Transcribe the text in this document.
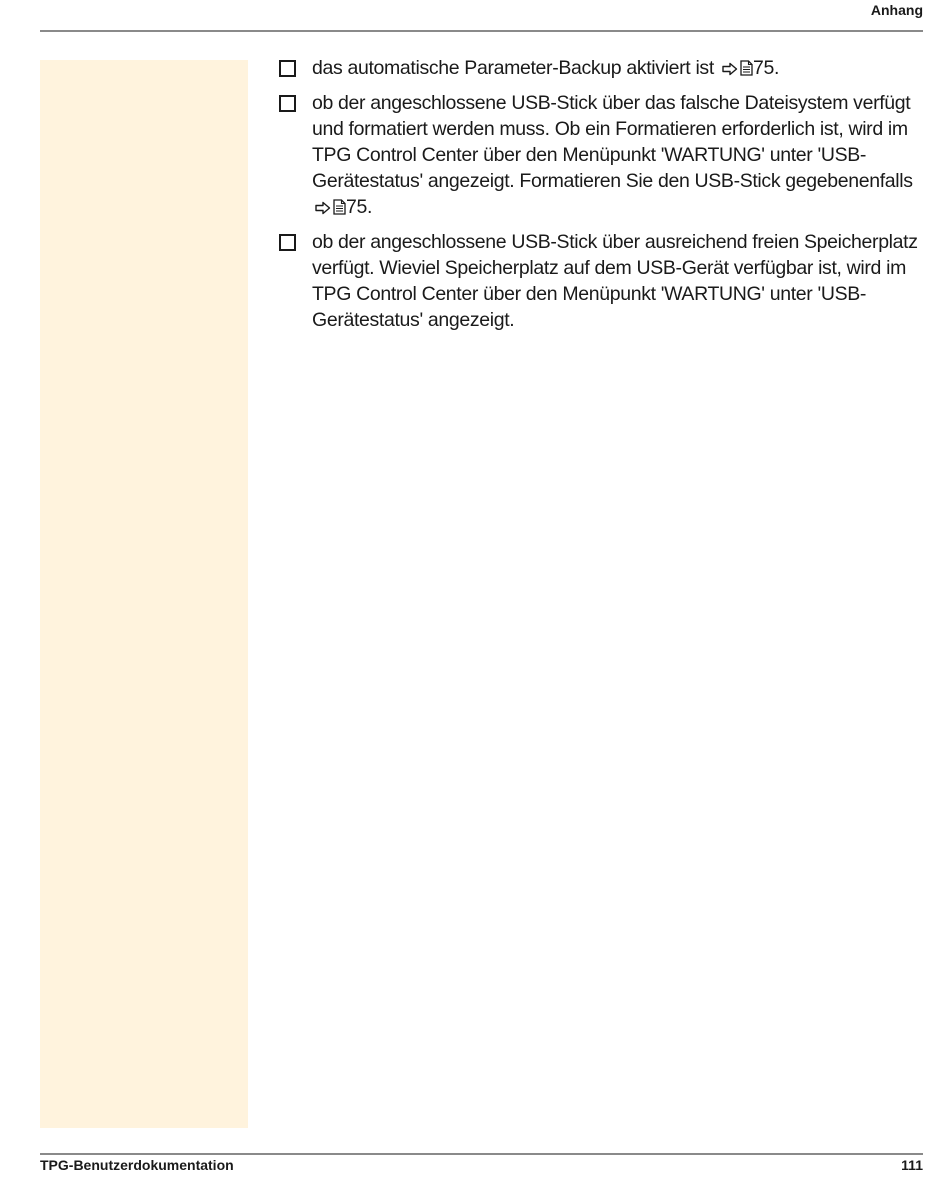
Anhang
das automatische Parameter-Backup aktiviert ist 75.
ob der angeschlossene USB-Stick über das falsche Dateisystem verfügt und formatiert werden muss. Ob ein Formatieren erforderlich ist, wird im TPG Control Center über den Menüpunkt 'WARTUNG' unter 'USB-Gerätestatus' angezeigt. Formatieren Sie den USB-Stick gegebenenfalls 75.
ob der angeschlossene USB-Stick über ausreichend freien Speicherplatz verfügt. Wieviel Speicherplatz auf dem USB-Gerät verfügbar ist, wird im TPG Control Center über den Menüpunkt 'WARTUNG' unter 'USB-Gerätestatus' angezeigt.
TPG-Benutzerdokumentation	111
